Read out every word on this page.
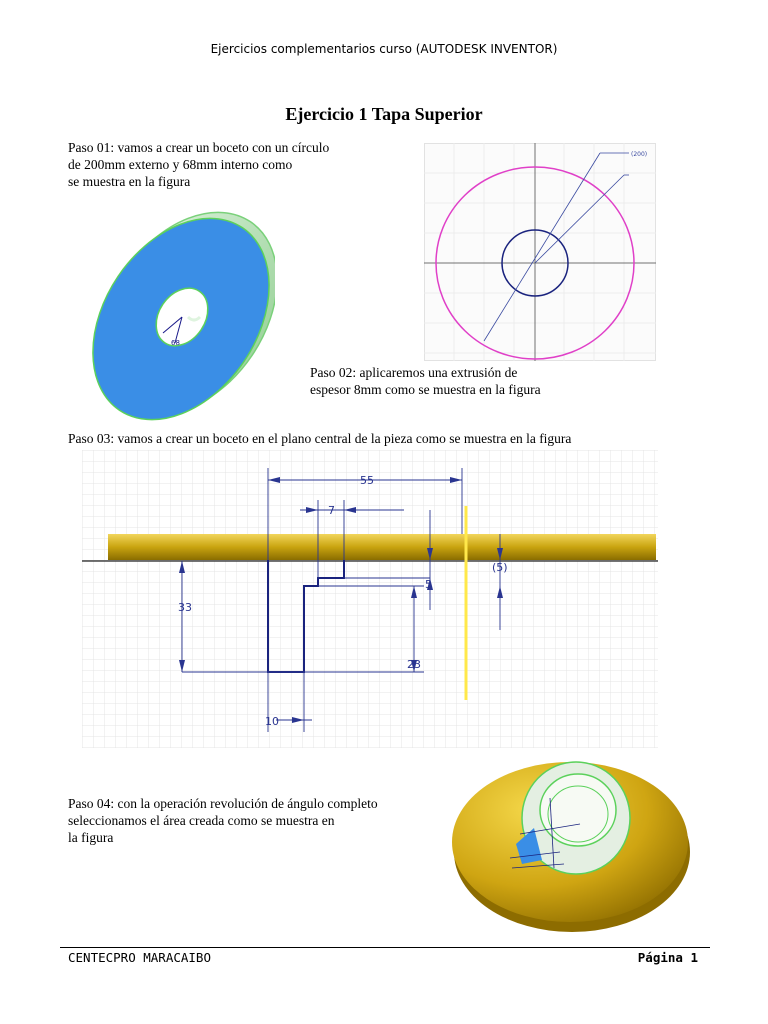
Ejercicios complementarios curso (AUTODESK INVENTOR)
Ejercicio 1 Tapa Superior
Paso 01: vamos a crear un boceto con un círculo
de 200mm externo y 68mm interno como
se muestra en la figura
68
(200)
Paso 02: aplicaremos una extrusión de
espesor 8mm como se muestra en la figura
Paso 03: vamos a crear un boceto en el plano central de la pieza como se muestra en la figura
55
7
5
(5)
33
23
10
Paso 04: con la operación revolución de ángulo completo
seleccionamos el área creada como se muestra en
la figura
CENTECPRO MARACAIBO	Página 1
